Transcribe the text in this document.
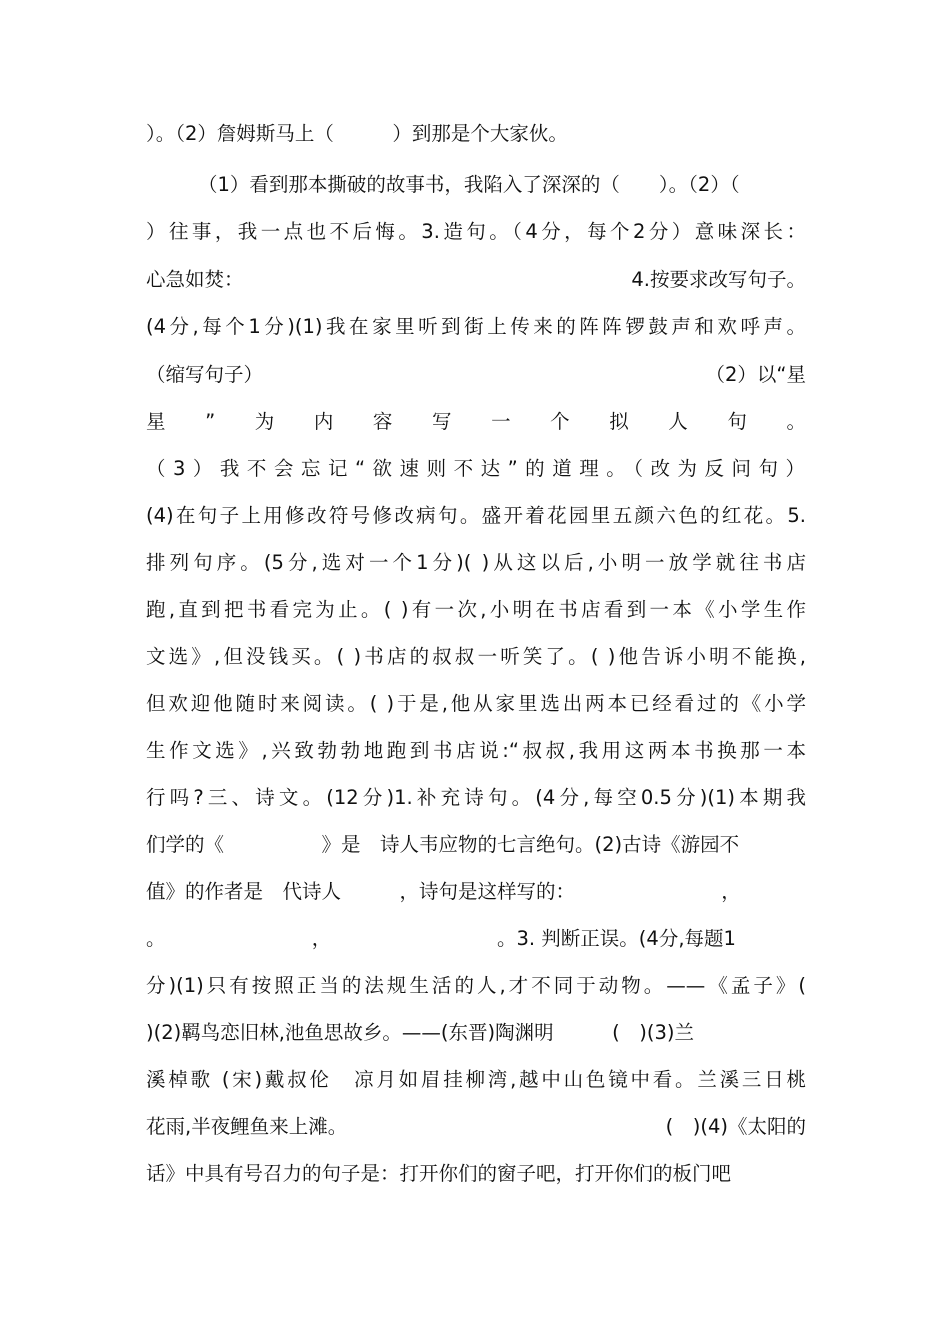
）。（2）詹姆斯马上（　　　）到那是个大家伙。
（1）看到那本撕破的故事书，我陷入了深深的（　　）。（2）（
）往事，我一点也不后悔。3.造句。（4分，每个2分）意味深长：
心急如焚：	4.按要求改写句子。
(4分,每个1分)(1)我在家里听到街上传来的阵阵锣鼓声和欢呼声。
（缩写句子）	（2）以“星
星 ” 为 内 容 写 一 个 拟 人 句 。
（3）我不会忘记“欲速则不达”的道理。（改为反问句）
(4)在句子上用修改符号修改病句。盛开着花园里五颜六色的红花。5.
排列句序。(5分,选对一个1分)( )从这以后,小明一放学就往书店
跑,直到把书看完为止。( )有一次,小明在书店看到一本《小学生作
文选》,但没钱买。( )书店的叔叔一听笑了。( )他告诉小明不能换,
但欢迎他随时来阅读。( )于是,他从家里选出两本已经看过的《小学
生作文选》,兴致勃勃地跑到书店说:“叔叔,我用这两本书换那一本
行吗?三、诗文。(12分)1.补充诗句。(4分,每空0.5分)(1)本期我
们学的《　　　　　》是　诗人韦应物的七言绝句。(2)古诗《游园不
值》的作者是　代诗人　　　，诗句是这样写的：　　　　　　　　，
。　　　　　　　　，　　　　　　　　　。3. 判断正误。(4分,每题1
分)(1)只有按照正当的法规生活的人,才不同于动物。——《孟子》(
)(2)羁鸟恋旧林,池鱼思故乡。——(东晋)陶渊明　　　(　)(3)兰
溪棹歌 (宋)戴叔伦　凉月如眉挂柳湾,越中山色镜中看。兰溪三日桃
花雨,半夜鲤鱼来上滩。	(　)(4)《太阳的
话》中具有号召力的句子是：打开你们的窗子吧，打开你们的板门吧
